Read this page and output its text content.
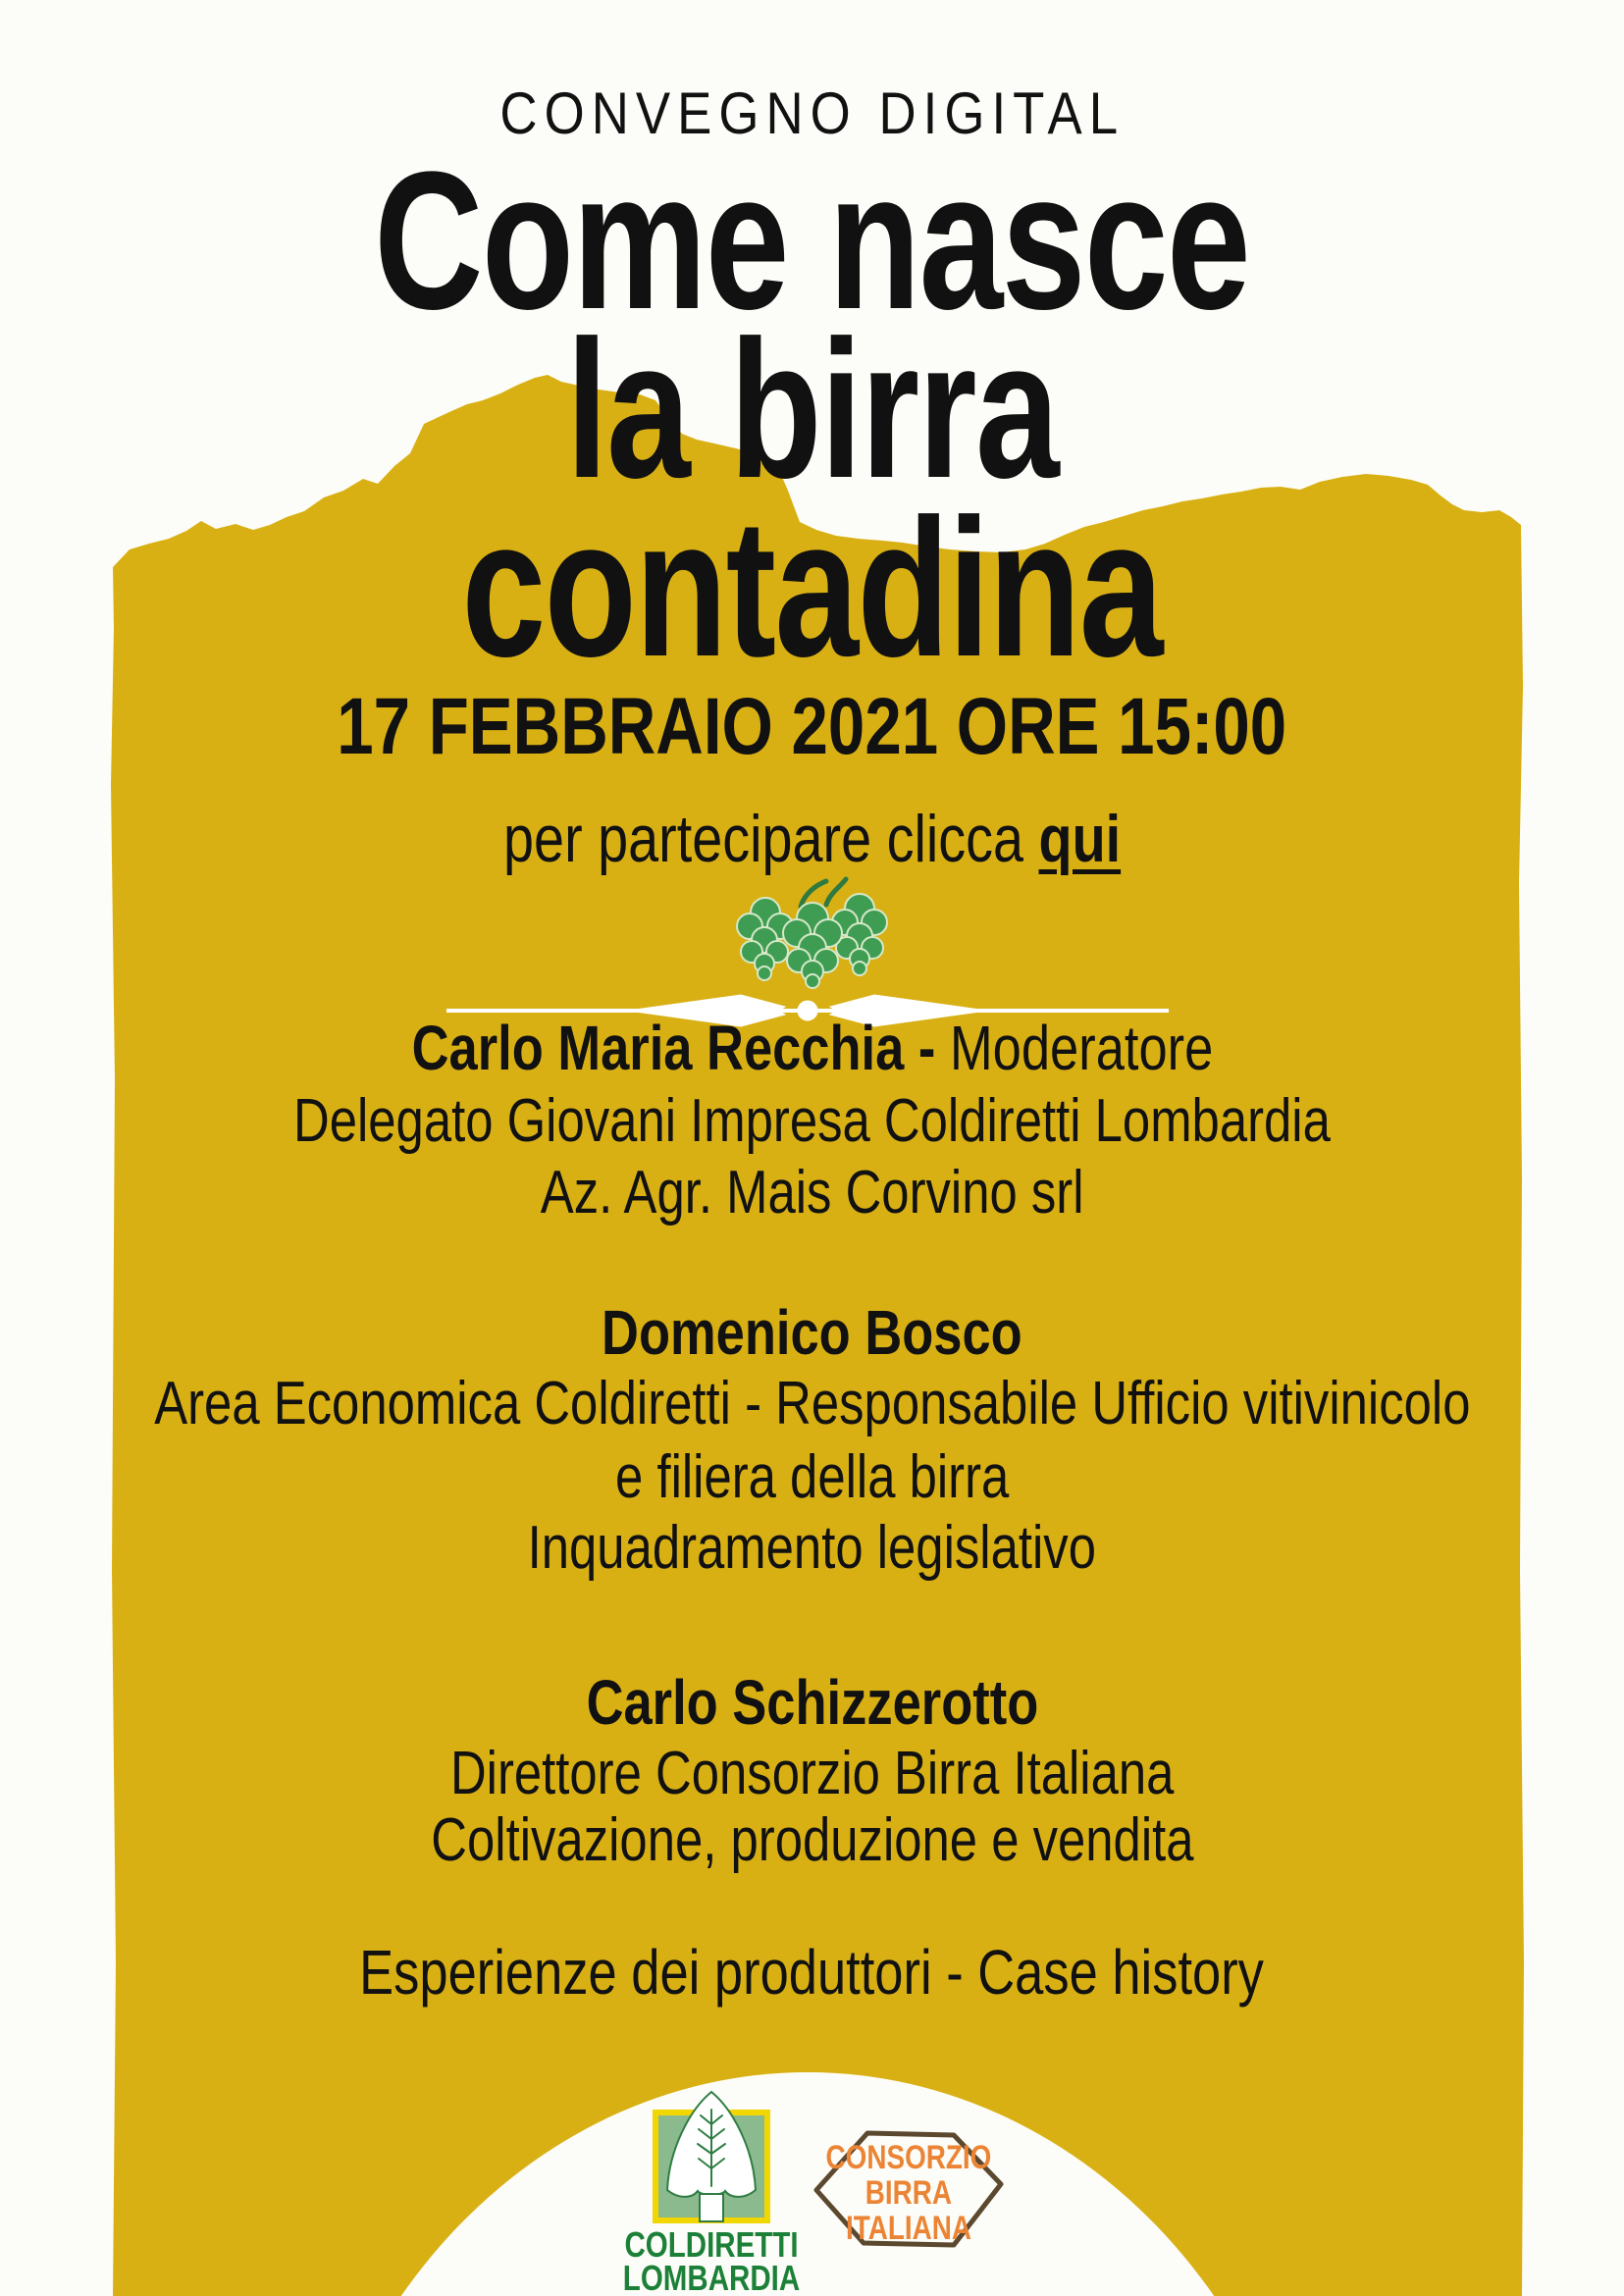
CONVEGNO DIGITAL
Come nasce
la birra
contadina
17 FEBBRAIO 2021 ORE 15:00
per partecipare clicca qui
Carlo Maria Recchia - Moderatore
Delegato Giovani Impresa Coldiretti Lombardia
Az. Agr. Mais Corvino srl
Domenico Bosco
Area Economica Coldiretti - Responsabile Ufficio vitivinicolo
e filiera della birra
Inquadramento legislativo
Carlo Schizzerotto
Direttore Consorzio Birra Italiana
Coltivazione, produzione e vendita
Esperienze dei produttori - Case history
COLDIRETTI
LOMBARDIA
CONSORZIO
BIRRA
ITALIANA
